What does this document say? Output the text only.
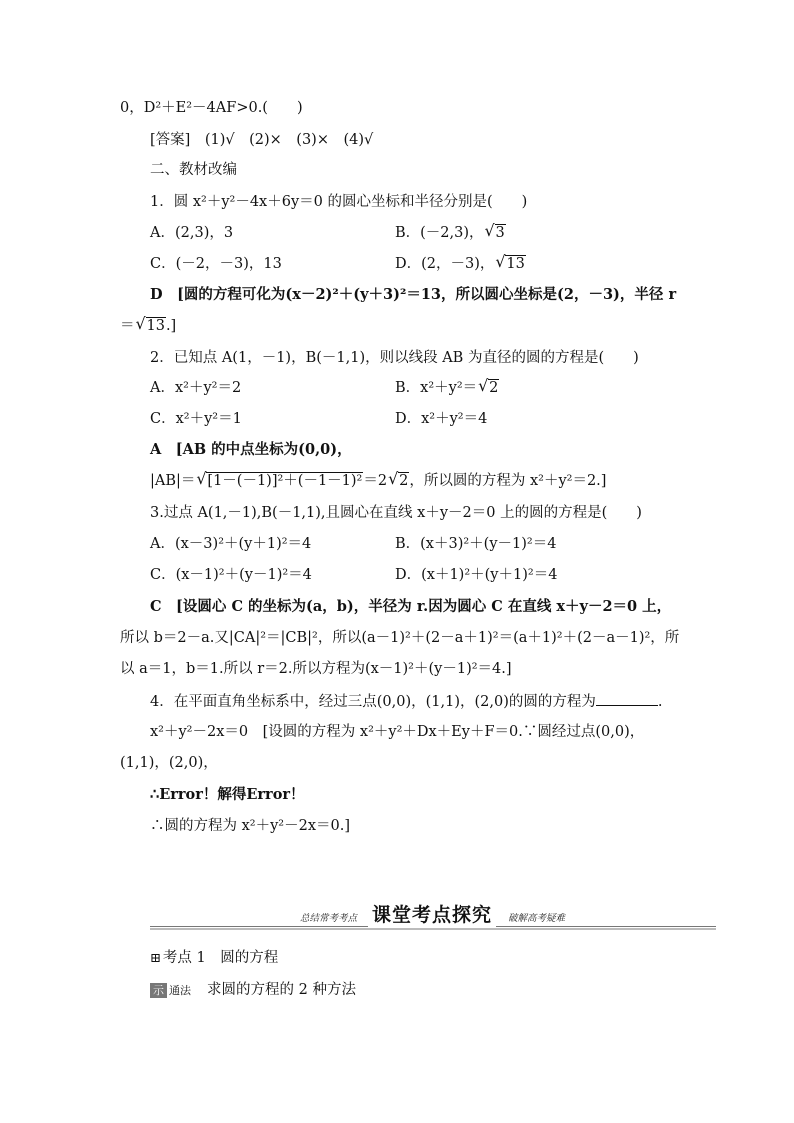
0，D²＋E²－4AF>0.(　　)
[答案]　(1)√　(2)×　(3)×　(4)√
二、教材改编
1．圆 x²＋y²－4x＋6y＝0 的圆心坐标和半径分别是(　　)
A．(2,3)，3	B．(－2,3)， √ 3
C．(－2，－3)，13	D．(2，－3)， √ 13
D　[圆的方程可化为(x－2)²＋(y＋3)²＝13，所以圆心坐标是(2，－3)，半径 r
＝ √ 13.]
2．已知点 A(1，－1)，B(－1,1)，则以线段 AB 为直径的圆的方程是(　　)
A．x²＋y²＝2	B．x²＋y²＝ √ 2
C．x²＋y²＝1	D．x²＋y²＝4
A　[AB 的中点坐标为(0,0)，
|AB|＝ √ [1－(－1)]²＋(－1－1)²＝2 √ 2，所以圆的方程为 x²＋y²＝2.]
3.过点 A(1,－1),B(－1,1),且圆心在直线 x＋y－2＝0 上的圆的方程是(　　)
A．(x－3)²＋(y＋1)²＝4	B．(x＋3)²＋(y－1)²＝4
C．(x－1)²＋(y－1)²＝4	D．(x＋1)²＋(y＋1)²＝4
C　[设圆心 C 的坐标为(a，b)，半径为 r.因为圆心 C 在直线 x＋y－2＝0 上，
所以 b＝2－a.又|CA|²＝|CB|²，所以(a－1)²＋(2－a＋1)²＝(a＋1)²＋(2－a－1)²，所
以 a＝1，b＝1.所以 r＝2.所以方程为(x－1)²＋(y－1)²＝4.]
4．在平面直角坐标系中，经过三点(0,0)，(1,1)，(2,0)的圆的方程为	.
x²＋y²－2x＝0　[设圆的方程为 x²＋y²＋Dx＋Ey＋F＝0.∵圆经过点(0,0)，
(1,1)，(2,0)，
∴Error！解得Error！
∴圆的方程为 x²＋y²－2x＝0.]
总结常考考点 课堂考点探究	破解高考疑难
⊞ 考点 1　圆的方程
示 通法 求圆的方程的 2 种方法
